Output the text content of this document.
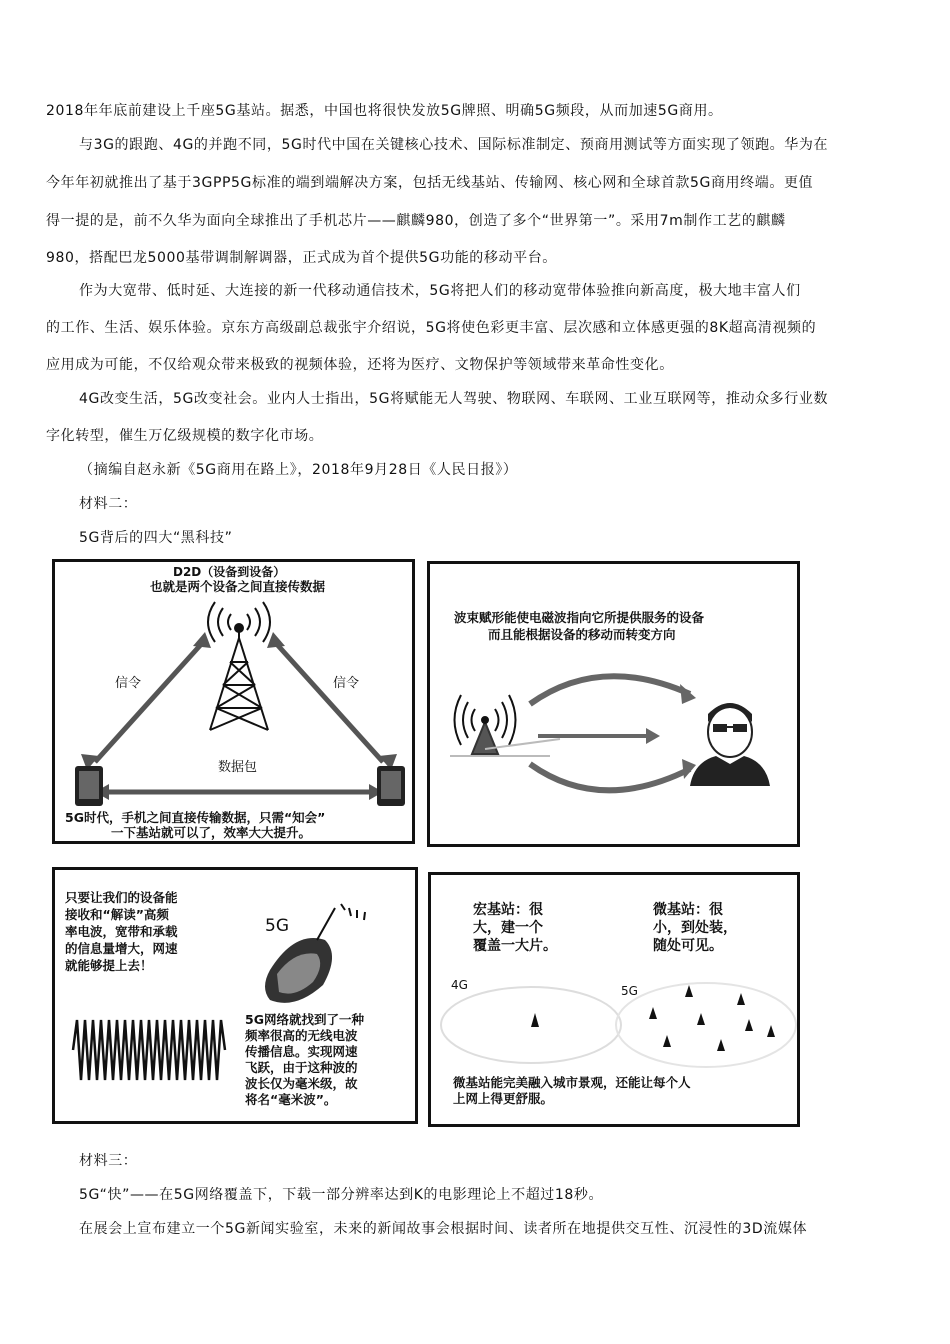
2018年年底前建设上千座5G基站。据悉，中国也将很快发放5G牌照、明确5G频段，从而加速5G商用。
与3G的跟跑、4G的并跑不同，5G时代中国在关键核心技术、国际标准制定、预商用测试等方面实现了领跑。华为在
今年年初就推出了基于3GPP5G标准的端到端解决方案，包括无线基站、传输网、核心网和全球首款5G商用终端。更值
得一提的是，前不久华为面向全球推出了手机芯片——麒麟980，创造了多个“世界第一”。采用7m制作工艺的麒麟
980，搭配巴龙5000基带调制解调器，正式成为首个提供5G功能的移动平台。
作为大宽带、低时延、大连接的新一代移动通信技术，5G将把人们的移动宽带体验推向新高度，极大地丰富人们
的工作、生活、娱乐体验。京东方高级副总裁张宇介绍说，5G将使色彩更丰富、层次感和立体感更强的8K超高清视频的
应用成为可能，不仅给观众带来极致的视频体验，还将为医疗、文物保护等领域带来革命性变化。
4G改变生活，5G改变社会。业内人士指出，5G将赋能无人驾驶、物联网、车联网、工业互联网等，推动众多行业数
字化转型，催生万亿级规模的数字化市场。
（摘编自赵永新《5G商用在路上》，2018年9月28日《人民日报》）
材料二：
5G背后的四大“黑科技”
D2D（设备到设备）
也就是两个设备之间直接传数据
信令	信令
数据包
5G时代，手机之间直接传输数据，只需“知会”
一下基站就可以了，效率大大提升。
波束赋形能使电磁波指向它所提供服务的设备
而且能根据设备的移动而转变方向
只要让我们的设备能
接收和“解读”高频
率电波，宽带和承载
的信息量增大，网速
就能够提上去！
5G
5G网络就找到了一种
频率很高的无线电波
传播信息。实现网速
飞跃，由于这种波的
波长仅为毫米级，故
将名“毫米波”。
宏基站：很
大，建一个
覆盖一大片。
微基站：很
小，到处装，
随处可见。
4G	5G
微基站能完美融入城市景观，还能让每个人
上网上得更舒服。
材料三：
5G“快”——在5G网络覆盖下，下载一部分辨率达到K的电影理论上不超过18秒。
在展会上宣布建立一个5G新闻实验室，未来的新闻故事会根据时间、读者所在地提供交互性、沉浸性的3D流媒体
